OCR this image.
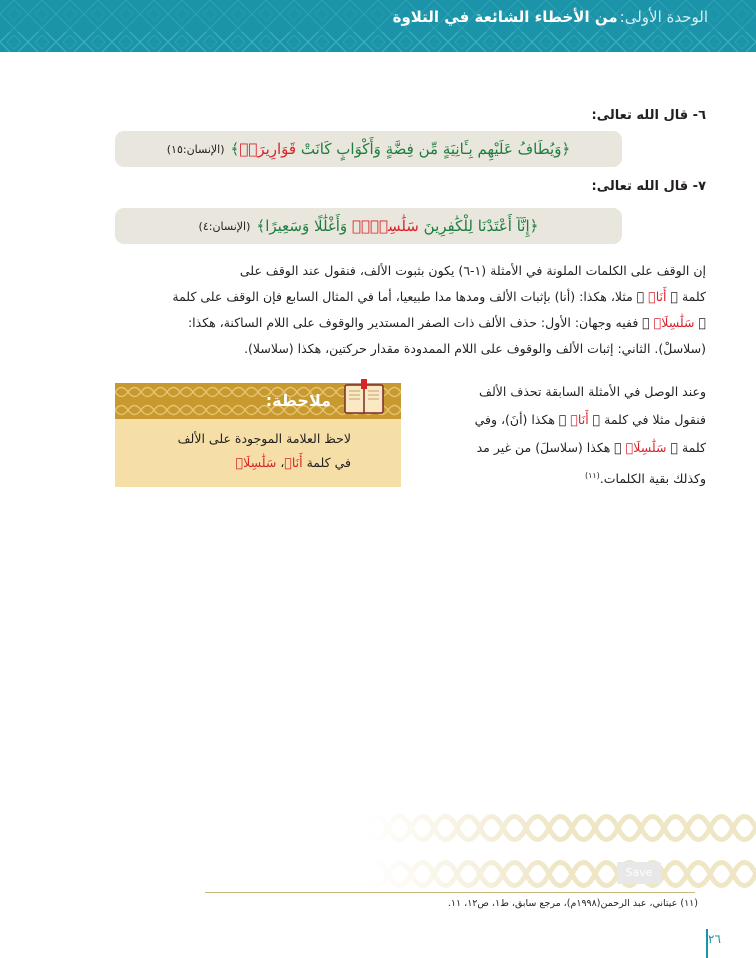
الوحدة الأولى:
من الأخطاء الشائعة في التلاوة
٦- قال الله تعالى:
﴿
وَيُطَافُ عَلَيْهِم بِـَٔانِيَةٍ مِّن فِضَّةٍ وَأَكْوَابٍ كَانَتْ

قَوَارِيرَا۠
﴾
(الإنسان:١٥)
٧- قال الله تعالى:
﴿
إِنَّآ أَعْتَدْنَا لِلْكَٰفِرِينَ

سَلَٰسِلَا۟

وَأَغْلَٰلًا وَسَعِيرًا
﴾
(الإنسان:٤)
إن الوقف على الكلمات الملونة في الأمثلة (١-٦) يكون بثبوت الألف، فنقول عند الوقف على
كلمة ﴿ أَنَا۠ ﴾ مثلا، هكذا: (أنا) بإثبات الألف ومدها مدا طبيعيا، أما في المثال السابع فإن الوقف على كلمة
﴿ سَلَٰسِلَا۟ ﴾ ففيه وجهان: الأول: حذف الألف ذات الصفر المستدير والوقوف على اللام الساكنة، هكذا:
(سلاسلْ). الثاني: إثبات الألف والوقوف على اللام الممدودة مقدار حركتين، هكذا (سلاسلا).
وعند الوصل في الأمثلة السابقة تحذف الألف
فنقول مثلا في كلمة ﴿ أَنَا۠ ﴾ هكذا (أنَ)، وفي
كلمة ﴿ سَلَٰسِلَا۟ ﴾ هكذا (سلاسلَ) من غير مد
وكذلك بقية الكلمات.$^{(١١)}$
ملاحظة:
لاحظ العلامة الموجودة على الألف
في كلمة أَنَا۠، سَلَٰسِلَا۟
Save
(١١) عيتاني، عبد الرحمن(١٩٩٨م)، مرجع سابق، ط١، ص١٢، ١١.
٢٦
